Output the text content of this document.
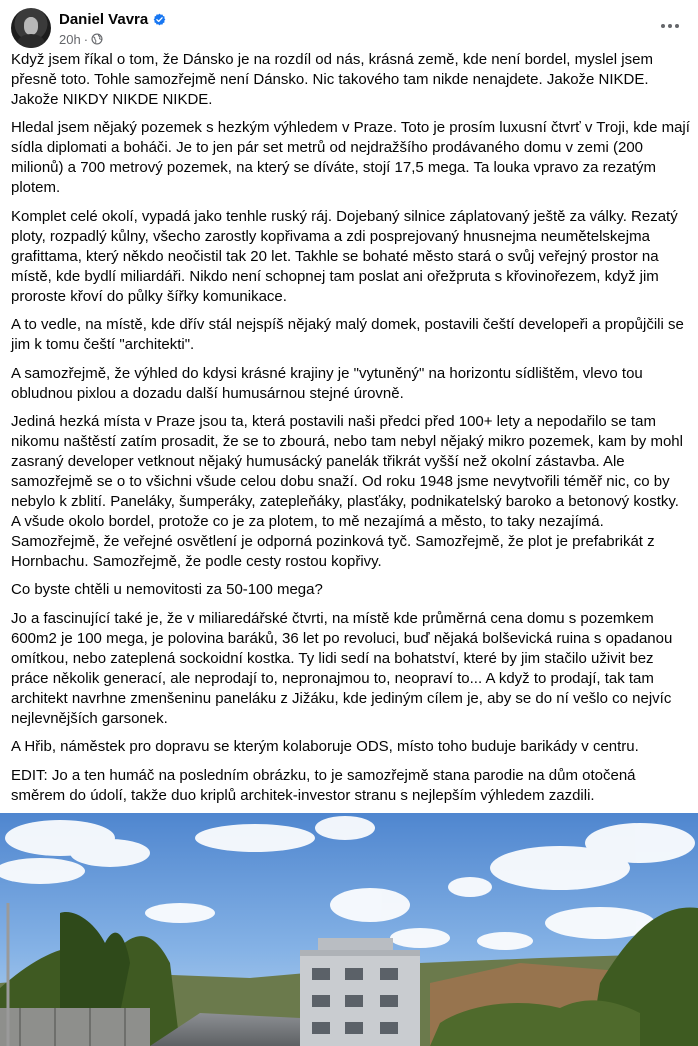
Daniel Vavra
20h ·

Když jsem říkal o tom, že Dánsko je na rozdíl od nás, krásná země, kde není bordel, myslel jsem přesně toto. Tohle samozřejmě není Dánsko. Nic takového tam nikde nenajdete. Jakože NIKDE. Jakože NIKDY NIKDE NIKDE.

Hledal jsem nějaký pozemek s hezkým výhledem v Praze. Toto je prosím luxusní čtvrť v Troji, kde mají sídla diplomati a boháči. Je to jen pár set metrů od nejdražšího prodávaného domu v zemi (200 milionů) a 700 metrový pozemek, na který se díváte, stojí 17,5 mega. Ta louka vpravo za rezatým plotem.

Komplet celé okolí, vypadá jako tenhle ruský ráj. Dojebaný silnice záplatovaný ještě za války. Rezatý ploty, rozpadlý kůlny, všecho zarostly kopřivama a zdi posprejovaný hnusnejma neumětelskejma grafittama, který někdo neočistil tak 20 let. Takhle se bohaté město stará o svůj veřejný prostor na místě, kde bydlí miliardáři. Nikdo není schopnej tam poslat ani ořežpruta s křovinořezem, když jim proroste křoví do půlky šířky komunikace.

A to vedle, na místě, kde dřív stál nejspíš nějaký malý domek, postavili čeští developeři a propůjčili se jim k tomu čeští "architekti".

A samozřejmě, že výhled do kdysi krásné krajiny je "vytuněný" na horizontu sídlištěm, vlevo tou obludnou pixlou a dozadu další humusárnou stejné úrovně.

Jediná hezká místa v Praze jsou ta, která postavili naši předci před 100+ lety a nepodařilo se tam nikomu naštěstí zatím prosadit, že se to zbourá, nebo tam nebyl nějaký mikro pozemek, kam by mohl zasraný developer vetknout nějaký humusácký panelák třikrát vyšší než okolní zástavba. Ale samozřejmě se o to všichni všude celou dobu snaží. Od roku 1948 jsme nevytvořili téměř nic, co by nebylo k zblití. Paneláky, šumperáky, zatepleňáky, plasťáky, podnikatelský baroko a betonový kostky. A všude okolo bordel, protože co je za plotem, to mě nezajímá a město, to taky nezajímá. Samozřejmě, že veřejné osvětlení je odporná pozinková tyč. Samozřejmě, že plot je prefabrikát z Hornbachu. Samozřejmě, že podle cesty rostou kopřivy.

Co byste chtěli u nemovitosti za 50-100 mega?

Jo a fascinující také je, že v miliaredářské čtvrti, na místě kde průměrná cena domu s pozemkem 600m2 je 100 mega, je polovina baráků, 36 let po revoluci, buď nějaká bolševická ruina s opadanou omítkou, nebo zateplená sockoidní kostka. Ty lidi sedí na bohatství, které by jim stačilo uživit bez práce několik generací, ale neprodají to, nepronajmou to, neopraví to... A když to prodají, tak tam architekt navrhne zmenšeninu paneláku z Jižáku, kde jediným cílem je, aby se do ní vešlo co nejvíc nejlevnějších garsonek.

A Hřib, náměstek pro dopravu se kterým kolaboruje ODS, místo toho buduje barikády v centru.

EDIT: Jo a ten humáč na posledním obrázku, to je samozřejmě stana parodie na dům otočená směrem do údolí, takže duo kriplů architek-investor stranu s nejlepším výhledem zazdili.
